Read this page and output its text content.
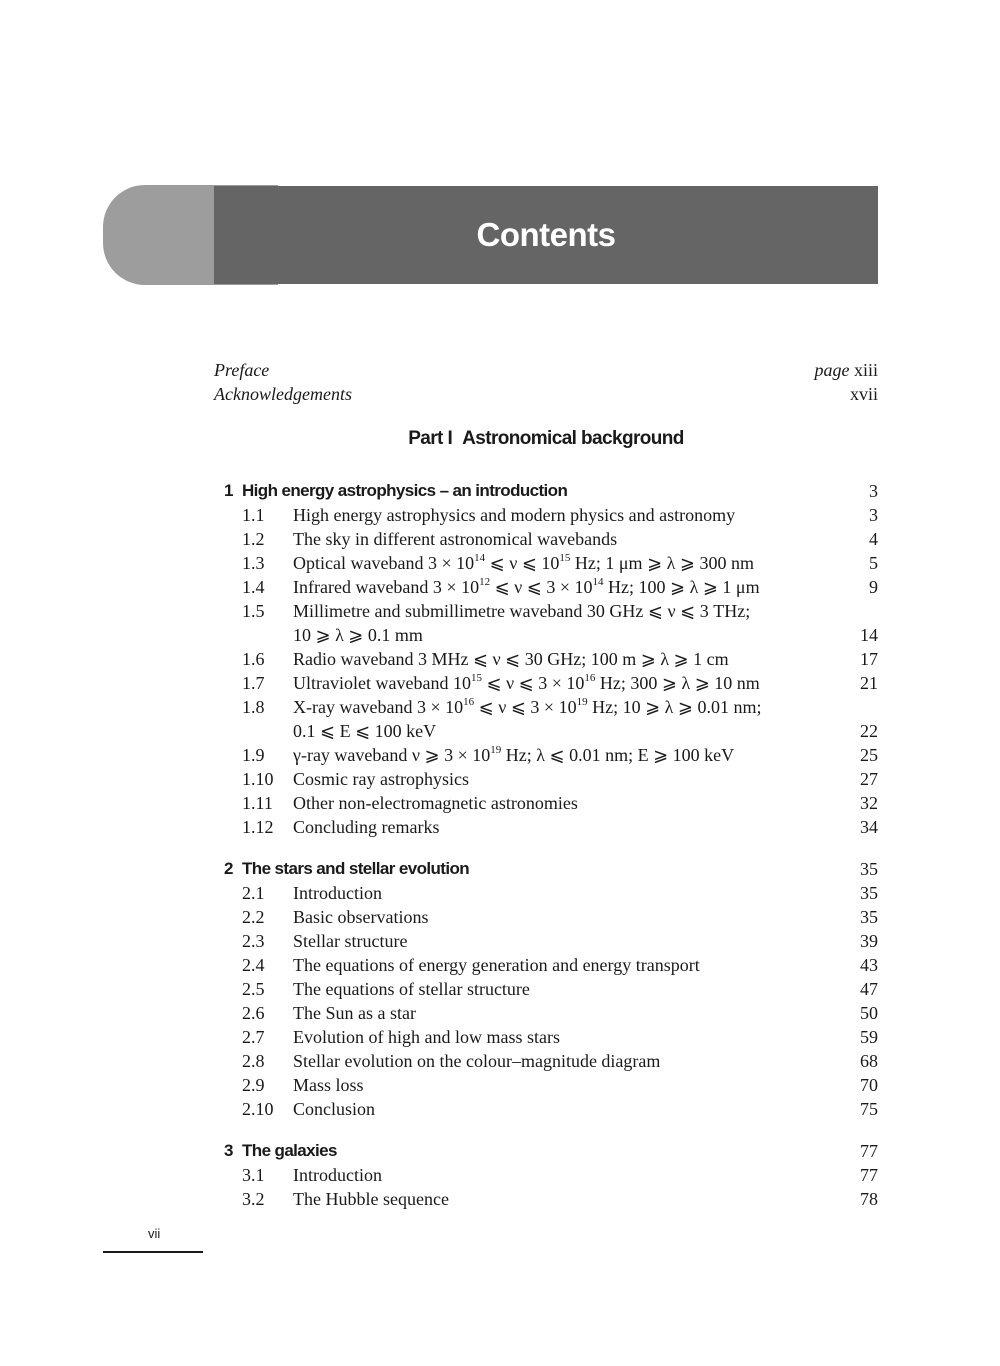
Contents
Preface	page xiii
Acknowledgements	xvii
Part I Astronomical background
1 High energy astrophysics – an introduction	3
1.1 High energy astrophysics and modern physics and astronomy	3
1.2 The sky in different astronomical wavebands	4
1.3 Optical waveband $3 \times 10^{14}$ ⩽ ν ⩽ $10^{15}$ Hz; 1 μm ⩾ λ ⩾ 300 nm	5
1.4 Infrared waveband $3 \times 10^{12}$ ⩽ ν ⩽ $3 \times 10^{14}$ Hz; 100 ⩾ λ ⩾ 1 μm	9
1.5 Millimetre and submillimetre waveband 30 GHz ⩽ ν ⩽ 3 THz;
10 ⩾ λ ⩾ 0.1 mm	14
1.6 Radio waveband 3 MHz ⩽ ν ⩽ 30 GHz; 100 m ⩾ λ ⩾ 1 cm	17
1.7 Ultraviolet waveband $10^{15}$ ⩽ ν ⩽ $3 \times 10^{16}$ Hz; 300 ⩾ λ ⩾ 10 nm	21
1.8 X-ray waveband $3 \times 10^{16}$ ⩽ ν ⩽ $3 \times 10^{19}$ Hz; 10 ⩾ λ ⩾ 0.01 nm;
0.1 ⩽ E ⩽ 100 keV	22
1.9 γ-ray waveband ν ⩾ $3 \times 10^{19}$ Hz; λ ⩽ 0.01 nm; E ⩾ 100 keV	25
1.10 Cosmic ray astrophysics	27
1.11 Other non-electromagnetic astronomies	32
1.12 Concluding remarks	34
2 The stars and stellar evolution	35
2.1 Introduction	35
2.2 Basic observations	35
2.3 Stellar structure	39
2.4 The equations of energy generation and energy transport	43
2.5 The equations of stellar structure	47
2.6 The Sun as a star	50
2.7 Evolution of high and low mass stars	59
2.8 Stellar evolution on the colour–magnitude diagram	68
2.9 Mass loss	70
2.10 Conclusion	75
3 The galaxies	77
3.1 Introduction	77
3.2 The Hubble sequence	78
vii
